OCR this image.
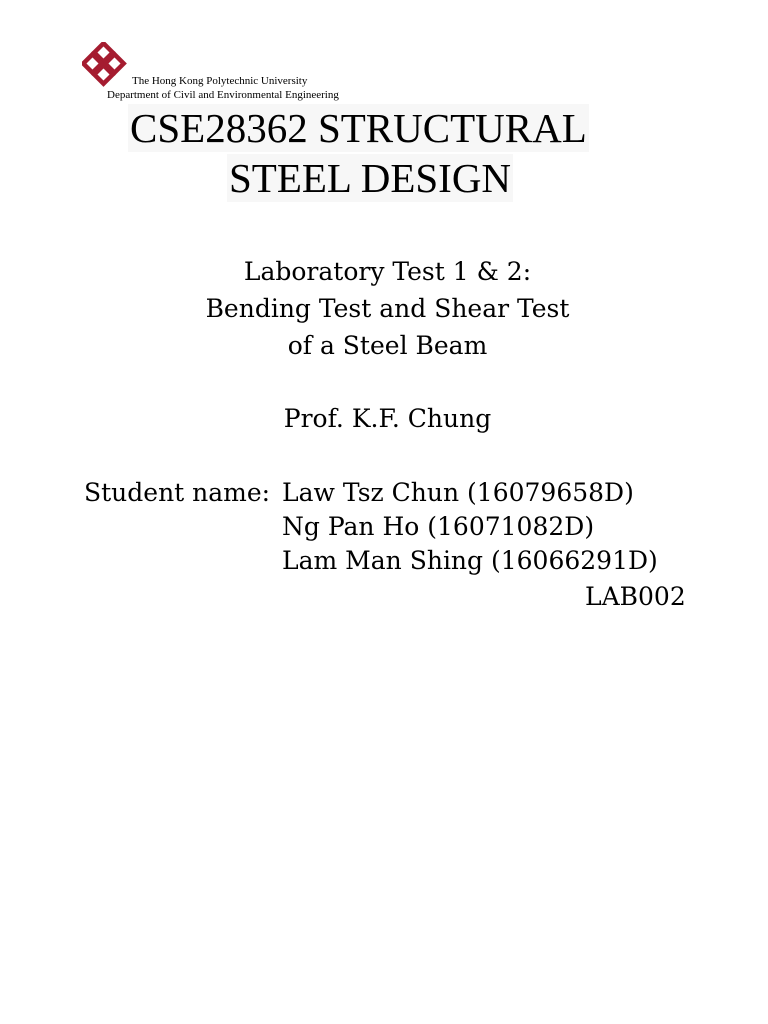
The Hong Kong Polytechnic University
Department of Civil and Environmental Engineering
CSE28362 STRUCTURAL
STEEL DESIGN
Laboratory Test 1 & 2:
Bending Test and Shear Test
of a Steel Beam
Prof. K.F. Chung
Student name: Law Tsz Chun (16079658D)
Ng Pan Ho (16071082D)
Lam Man Shing (16066291D)
LAB002
